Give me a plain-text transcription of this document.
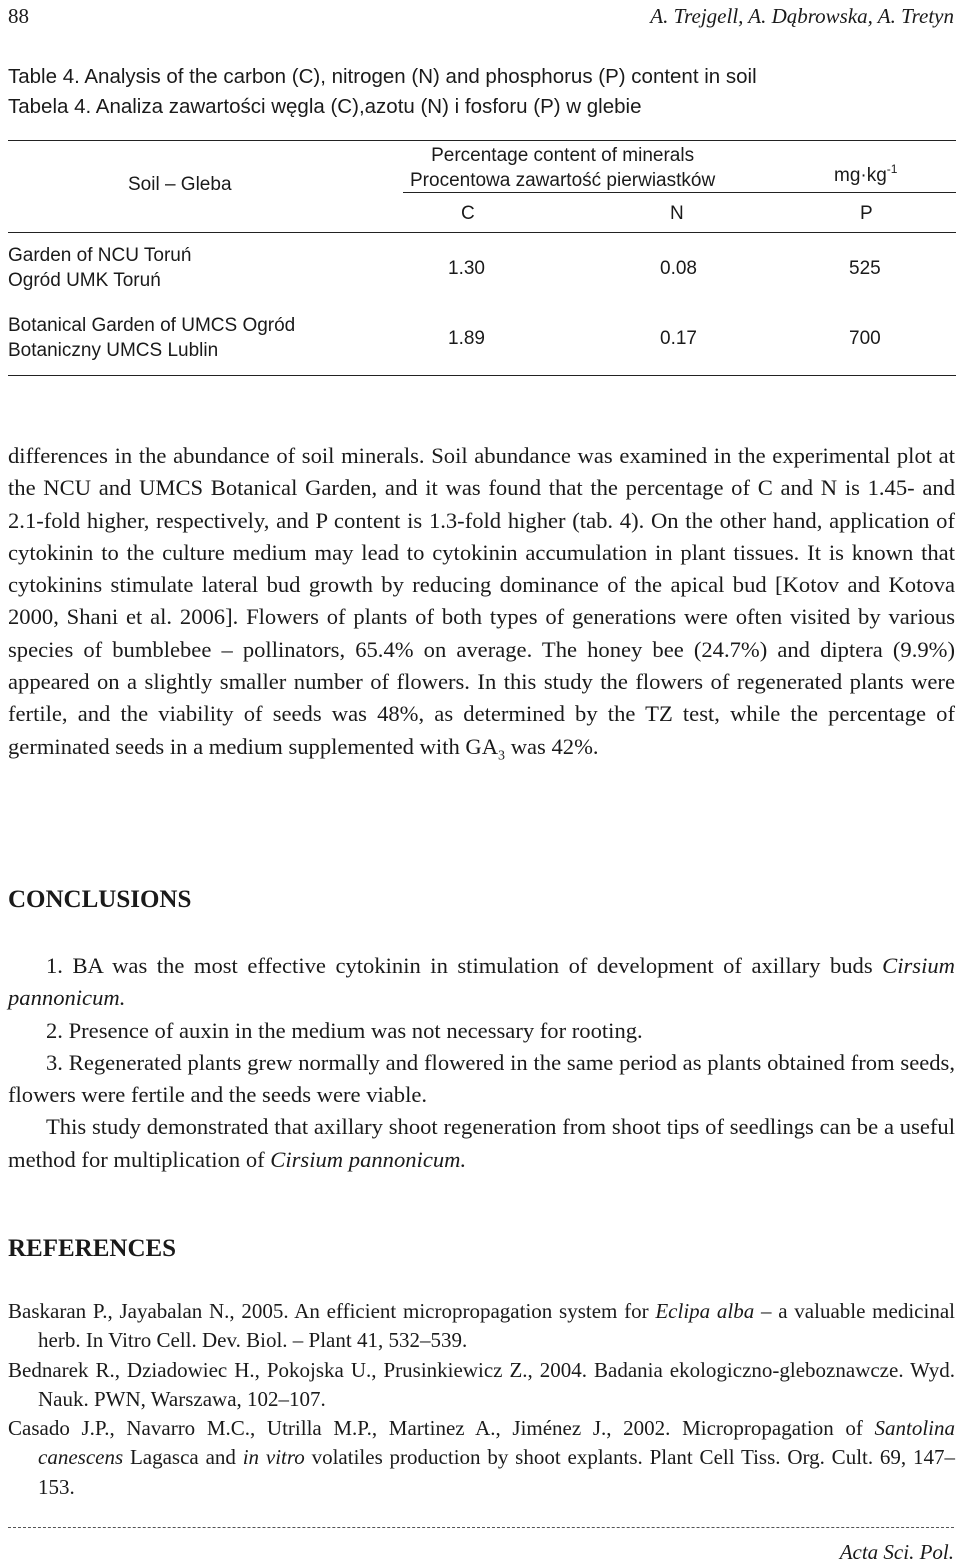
88	A. Trejgell, A. Dąbrowska, A. Tretyn
Table 4. Analysis of the carbon (C), nitrogen (N) and phosphorus (P) content in soil
Tabela 4. Analiza zawartości węgla (C),azotu (N) i fosforu (P) w glebie
Soil – Gleba
Percentage content of minerals
Procentowa zawartość pierwiastków	$mg\cdot kg^{-1}$
C	N	P
Garden of NCU Toruń
Ogród UMK Toruń
1.30	0.08	525
Botanical Garden of UMCS Ogród
Botaniczny UMCS Lublin
1.89	0.17	700
differences in the abundance of soil minerals. Soil abundance was examined in the experimental plot at the NCU and UMCS Botanical Garden, and it was found that the percentage of C and N is 1.45- and 2.1-fold higher, respectively, and P content is 1.3-fold higher (tab. 4). On the other hand, application of cytokinin to the culture medium may lead to cytokinin accumulation in plant tissues. It is known that cytokinins stimulate lateral bud growth by reducing dominance of the apical bud [Kotov and Kotova 2000, Shani et al. 2006]. Flowers of plants of both types of generations were often visited by various species of bumblebee – pollinators, 65.4% on average. The honey bee (24.7%) and diptera (9.9%) appeared on a slightly smaller number of flowers. In this study the flowers of regenerated plants were fertile, and the viability of seeds was 48%, as determined by the TZ test, while the percentage of germinated seeds in a medium supplemented with $GA_3$ was 42%.
CONCLUSIONS

1. BA was the most effective cytokinin in stimulation of development of axillary buds Cirsium pannonicum.

2. Presence of auxin in the medium was not necessary for rooting.

3. Regenerated plants grew normally and flowered in the same period as plants obtained from seeds, flowers were fertile and the seeds were viable.

This study demonstrated that axillary shoot regeneration from shoot tips of seedlings can be a useful method for multiplication of Cirsium pannonicum.

REFERENCES

Baskaran P., Jayabalan N., 2005. An efficient micropropagation system for Eclipa alba – a valuable medicinal herb. In Vitro Cell. Dev. Biol. – Plant 41, 532–539.

Bednarek R., Dziadowiec H., Pokojska U., Prusinkiewicz Z., 2004. Badania ekologiczno-gleboznawcze. Wyd. Nauk. PWN, Warszawa, 102–107.

Casado J.P., Navarro M.C., Utrilla M.P., Martinez A., Jiménez J., 2002. Micropropagation of Santolina canescens Lagasca and in vitro volatiles production by shoot explants. Plant Cell Tiss. Org. Cult. 69, 147–153.

Acta Sci. Pol.
